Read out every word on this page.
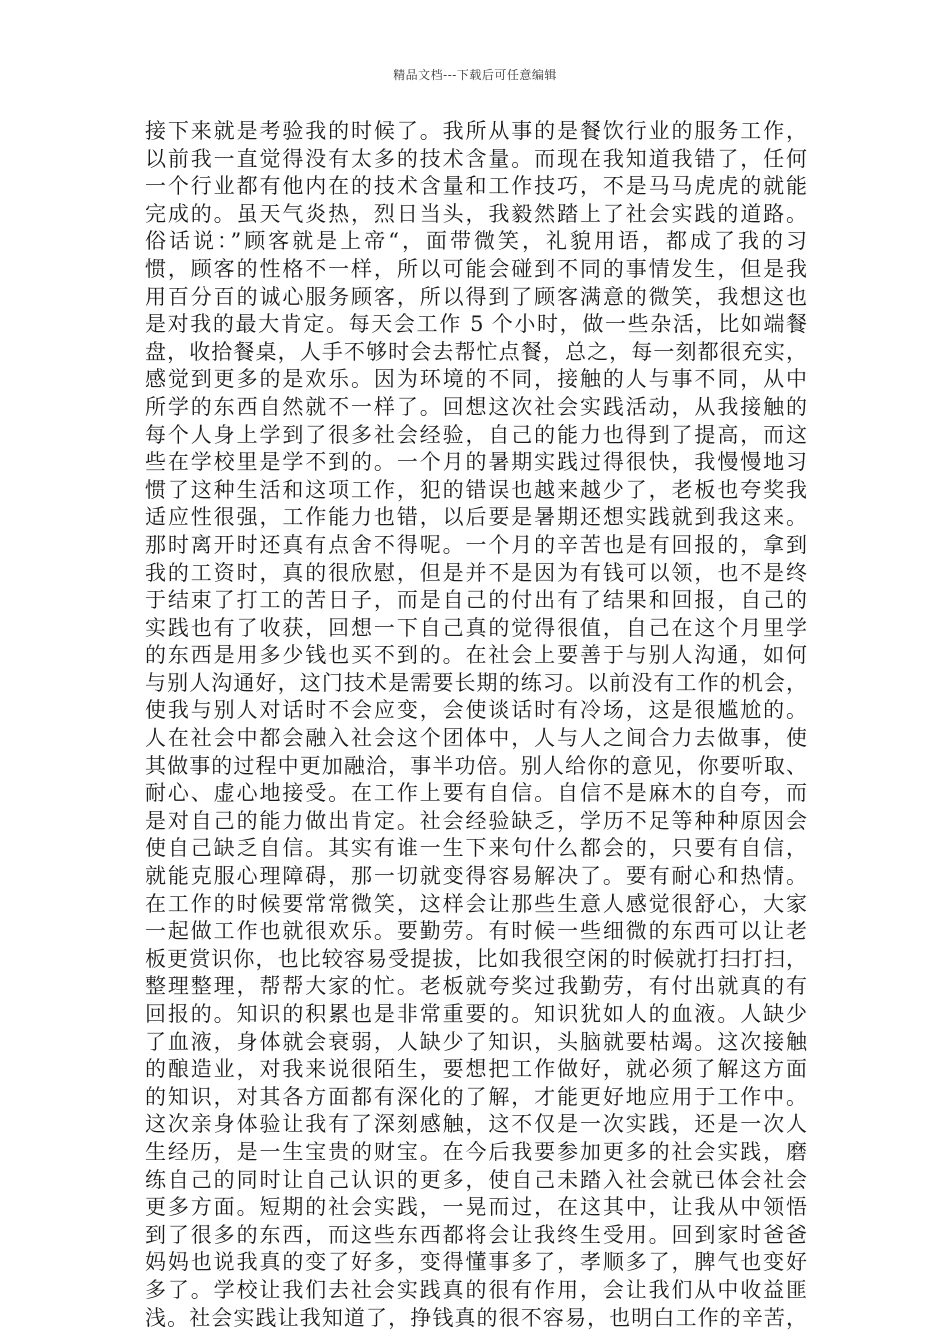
精品文档---下载后可任意编辑
接下来就是考验我的时候了。我所从事的是餐饮行业的服务工作，
以前我一直觉得没有太多的技术含量。而现在我知道我错了，任何
一个行业都有他内在的技术含量和工作技巧，不是马马虎虎的就能
完成的。虽天气炎热，烈日当头，我毅然踏上了社会实践的道路。
俗话说：”顾客就是上帝“，面带微笑，礼貌用语，都成了我的习
惯，顾客的性格不一样，所以可能会碰到不同的事情发生，但是我
用百分百的诚心服务顾客，所以得到了顾客满意的微笑，我想这也
是对我的最大肯定。每天会工作 5 个小时，做一些杂活，比如端餐
盘，收拾餐桌，人手不够时会去帮忙点餐，总之，每一刻都很充实，
感觉到更多的是欢乐。因为环境的不同，接触的人与事不同，从中
所学的东西自然就不一样了。回想这次社会实践活动，从我接触的
每个人身上学到了很多社会经验，自己的能力也得到了提高，而这
些在学校里是学不到的。一个月的暑期实践过得很快，我慢慢地习
惯了这种生活和这项工作，犯的错误也越来越少了，老板也夸奖我
适应性很强，工作能力也错，以后要是暑期还想实践就到我这来。
那时离开时还真有点舍不得呢。一个月的辛苦也是有回报的，拿到
我的工资时，真的很欣慰，但是并不是因为有钱可以领，也不是终
于结束了打工的苦日子，而是自己的付出有了结果和回报，自己的
实践也有了收获，回想一下自己真的觉得很值，自己在这个月里学
的东西是用多少钱也买不到的。在社会上要善于与别人沟通，如何
与别人沟通好，这门技术是需要长期的练习。以前没有工作的机会，
使我与别人对话时不会应变，会使谈话时有冷场，这是很尴尬的。
人在社会中都会融入社会这个团体中，人与人之间合力去做事，使
其做事的过程中更加融洽，事半功倍。别人给你的意见，你要听取、
耐心、虚心地接受。在工作上要有自信。自信不是麻木的自夸，而
是对自己的能力做出肯定。社会经验缺乏，学历不足等种种原因会
使自己缺乏自信。其实有谁一生下来句什么都会的，只要有自信，
就能克服心理障碍，那一切就变得容易解决了。要有耐心和热情。
在工作的时候要常常微笑，这样会让那些生意人感觉很舒心，大家
一起做工作也就很欢乐。要勤劳。有时候一些细微的东西可以让老
板更赏识你，也比较容易受提拔，比如我很空闲的时候就打扫打扫，
整理整理，帮帮大家的忙。老板就夸奖过我勤劳，有付出就真的有
回报的。知识的积累也是非常重要的。知识犹如人的血液。人缺少
了血液，身体就会衰弱，人缺少了知识，头脑就要枯竭。这次接触
的酿造业，对我来说很陌生，要想把工作做好，就必须了解这方面
的知识，对其各方面都有深化的了解，才能更好地应用于工作中。
这次亲身体验让我有了深刻感触，这不仅是一次实践，还是一次人
生经历，是一生宝贵的财宝。在今后我要参加更多的社会实践，磨
练自己的同时让自己认识的更多，使自己未踏入社会就已体会社会
更多方面。短期的社会实践，一晃而过，在这其中，让我从中领悟
到了很多的东西，而这些东西都将会让我终生受用。回到家时爸爸
妈妈也说我真的变了好多，变得懂事多了，孝顺多了，脾气也变好
多了。学校让我们去社会实践真的很有作用，会让我们从中收益匪
浅。社会实践让我知道了，挣钱真的很不容易，也明白工作的辛苦，
